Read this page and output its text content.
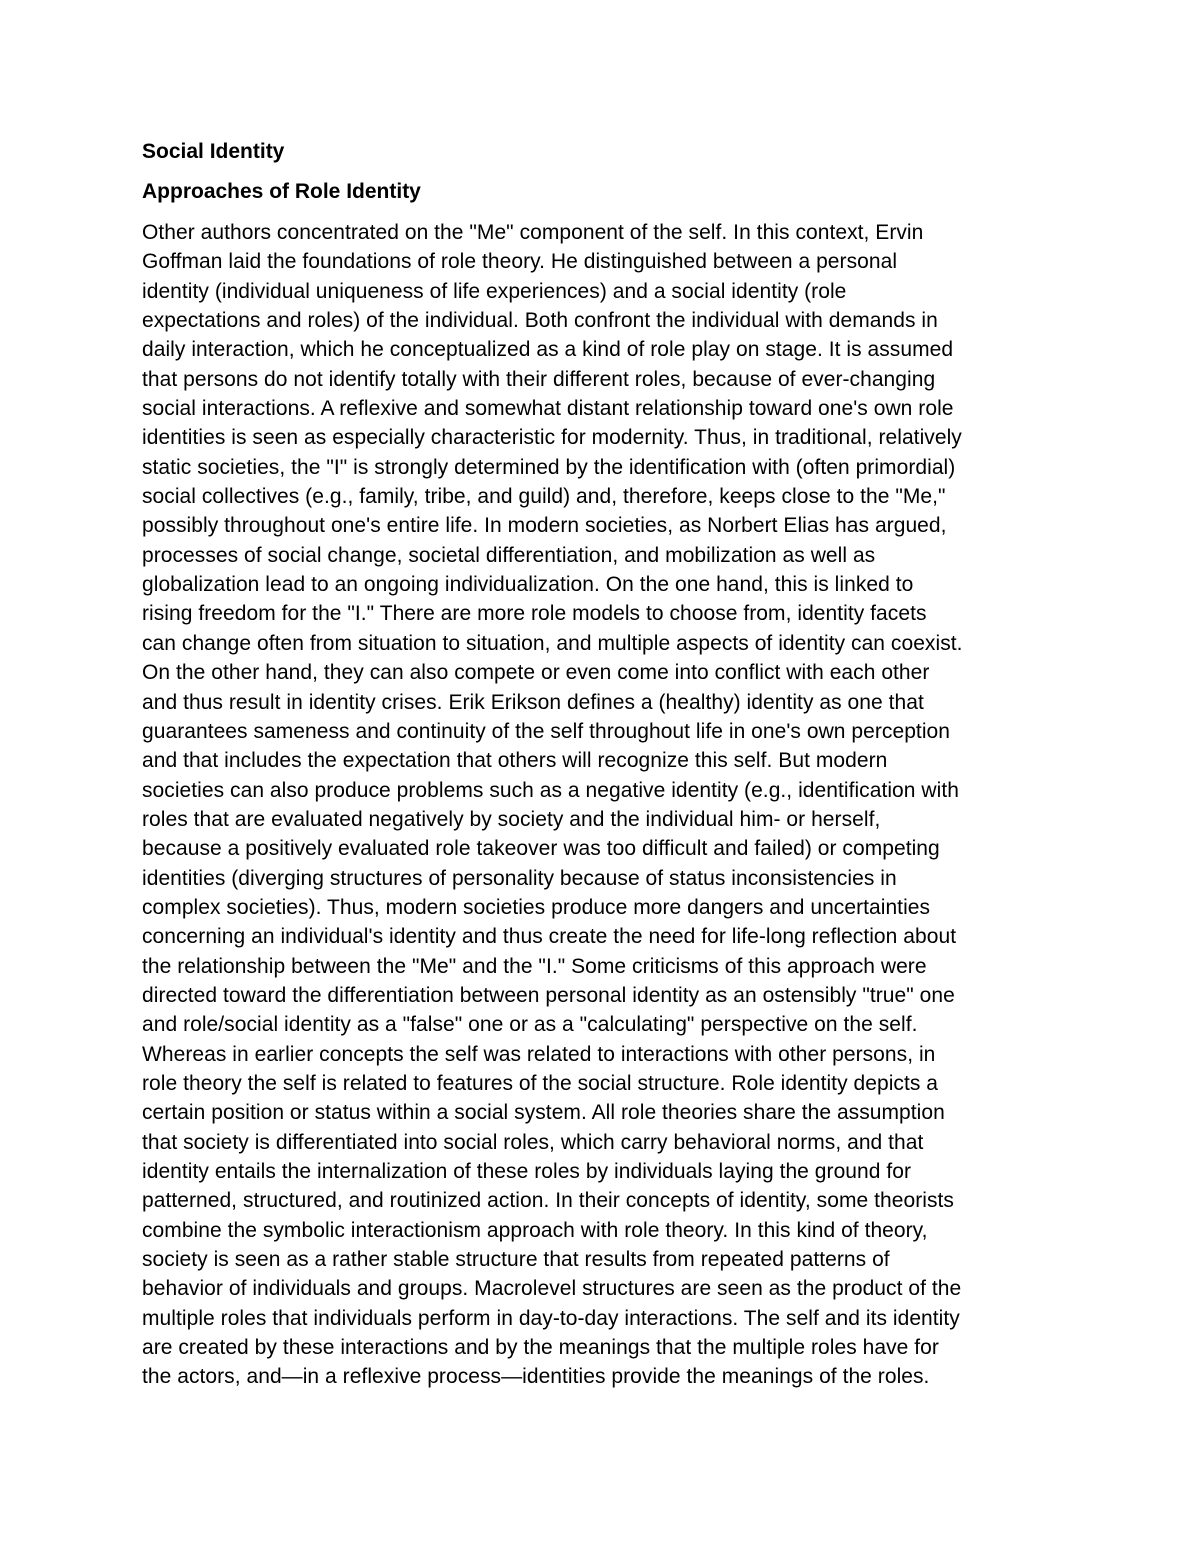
Social Identity
Approaches of Role Identity
Other authors concentrated on the "Me" component of the self. In this context, Ervin
Goffman laid the foundations of role theory. He distinguished between a personal
identity (individual uniqueness of life experiences) and a social identity (role
expectations and roles) of the individual. Both confront the individual with demands in
daily interaction, which he conceptualized as a kind of role play on stage. It is assumed
that persons do not identify totally with their different roles, because of ever-changing
social interactions. A reflexive and somewhat distant relationship toward one's own role
identities is seen as especially characteristic for modernity. Thus, in traditional, relatively
static societies, the "I" is strongly determined by the identification with (often primordial)
social collectives (e.g., family, tribe, and guild) and, therefore, keeps close to the "Me,"
possibly throughout one's entire life. In modern societies, as Norbert Elias has argued,
processes of social change, societal differentiation, and mobilization as well as
globalization lead to an ongoing individualization. On the one hand, this is linked to
rising freedom for the "I." There are more role models to choose from, identity facets
can change often from situation to situation, and multiple aspects of identity can coexist.
On the other hand, they can also compete or even come into conflict with each other
and thus result in identity crises. Erik Erikson defines a (healthy) identity as one that
guarantees sameness and continuity of the self throughout life in one's own perception
and that includes the expectation that others will recognize this self. But modern
societies can also produce problems such as a negative identity (e.g., identification with
roles that are evaluated negatively by society and the individual him- or herself,
because a positively evaluated role takeover was too difficult and failed) or competing
identities (diverging structures of personality because of status inconsistencies in
complex societies). Thus, modern societies produce more dangers and uncertainties
concerning an individual's identity and thus create the need for life-long reflection about
the relationship between the "Me" and the "I." Some criticisms of this approach were
directed toward the differentiation between personal identity as an ostensibly "true" one
and role/social identity as a "false" one or as a "calculating" perspective on the self.
Whereas in earlier concepts the self was related to interactions with other persons, in
role theory the self is related to features of the social structure. Role identity depicts a
certain position or status within a social system. All role theories share the assumption
that society is differentiated into social roles, which carry behavioral norms, and that
identity entails the internalization of these roles by individuals laying the ground for
patterned, structured, and routinized action. In their concepts of identity, some theorists
combine the symbolic interactionism approach with role theory. In this kind of theory,
society is seen as a rather stable structure that results from repeated patterns of
behavior of individuals and groups. Macrolevel structures are seen as the product of the
multiple roles that individuals perform in day-to-day interactions. The self and its identity
are created by these interactions and by the meanings that the multiple roles have for
the actors, and—in a reflexive process—identities provide the meanings of the roles.
